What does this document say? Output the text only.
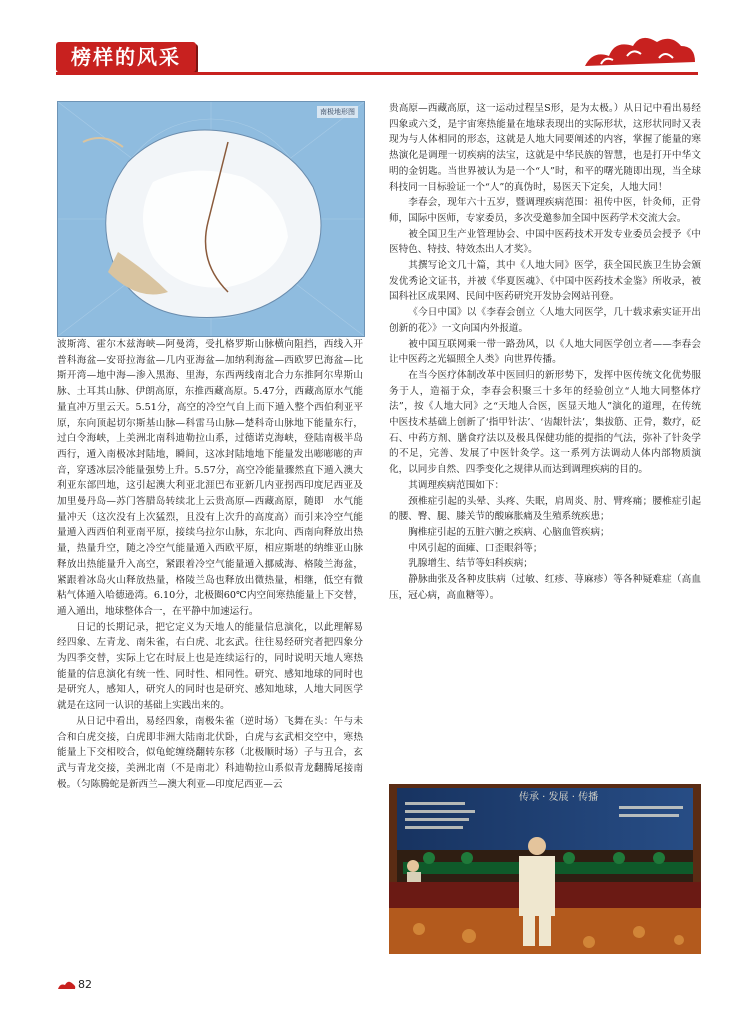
榜样的风采
南极地形图

波斯湾、霍尔木兹海峡—阿曼湾，受扎格罗斯山脉横向阻挡，西线入开普科海盆—安哥拉海盆—几内亚海盆—加纳利海盆—西欧罗巴海盆—比斯开湾—地中海—渗入黑海、里海，东西两线南北合力东推阿尔卑斯山脉、土耳其山脉、伊朗高原，东推西藏高原。5.47分，西藏高原水气能量直冲万里云天。5.51分，高空的冷空气自上而下遁入整个西伯利亚平原，东向顶起切尔斯基山脉—科雷马山脉—楚科奇山脉地下能量东行，过白令海峡，上美洲北南科迪勒拉山系，过德诺克海峡，登陆南极半岛西行，遁入南极冰封陆地，瞬间，这冰封陆地地下能量发出嘭嘭嘭的声音，穿透冰层冷能量强势上升。5.57分，高空冷能量骤然直下遁入澳大利亚东部凹地，这引起澳大利亚北涯巴布亚新几内亚拐西印度尼西亚及加里曼丹岛—苏门答腊岛转续北上云贵高原—西藏高原，随即　水气能量冲天（这次没有上次猛烈，且没有上次升的高度高）而引来冷空气能量遁入西西伯利亚南平原，接续乌拉尔山脉，东北向、西南向释放出热量，热量升空，随之冷空气能量遁入西欧平原，相应斯堪的纳维亚山脉释放出热能量升入高空，紧跟着冷空气能量遁入挪威海、格陵兰海盆，紧跟着冰岛火山释放热量，格陵兰岛也释放出微热量，相继，低空有微粘气体遁入哈德逊湾。6.10分，北极圈60℃内空间寒热能量上下交替，遁入遁出，地球整体合一，在平静中加速运行。

日记的长期记录，把它定义为天地人的能量信息演化，以此理解易经四象、左青龙、南朱雀，右白虎、北玄武。往往易经研究者把四象分为四季交替，实际上它在时辰上也是连续运行的，同时说明天地人寒热能量的信息演化有统一性、同时性、相同性。研究、感知地球的同时也是研究人，感知人，研究人的同时也是研究、感知地球，人地大同医学就是在这同一认识的基础上实践出来的。

从日记中看出，易经四象，南极朱雀（逆时场）飞舞在头：午与未合和白虎交接，白虎即非洲大陆南北伏卧，白虎与玄武相交空中，寒热能量上下交相咬合，似龟蛇缠绕翻转东移（北极顺时场）子与丑合，玄武与青龙交接，美洲北南（不是南北）科迪勒拉山系似青龙翻腾尾接南极。（匀陈腾蛇是新西兰—澳大利亚—印度尼西亚—云

贵高原—西藏高原，这一运动过程呈S形，是为太极。）从日记中看出易经四象或六爻，是宇宙寒热能量在地球表现出的实际形状，这形状同时又表现为与人体相同的形态，这就是人地大同要阐述的内容，掌握了能量的寒热演化是调理一切疾病的法宝，这就是中华民族的智慧，也是打开中华文明的金钥匙。当世界被认为是一个“人”时，和平的曙光随即出现，当全球科技同一目标验证一个“人”的真伪时，易医天下定矣，人地大同！

李春会，现年六十五岁，暨调理疾病范围：祖传中医，针灸师，正骨师，国际中医师，专家委员，多次受邀参加全国中医药学术交流大会。

被全国卫生产业管理协会、中国中医药技术开发专业委员会授予《中医特色、特技、特效杰出人才奖》。

其撰写论文几十篇，其中《人地大同》医学，获全国民族卫生协会颁发优秀论文证书，并被《华夏医魂》、《中国中医药技术金鉴》所收录，被国科社区成果网、民间中医药研究开发协会网站刊登。

《今日中国》以《李春会创立〈人地大同医学，几十载求索实证开出创新的花〉》一文向国内外报道。

被中国互联网乘一带一路劲风，以《人地大同医学创立者——李春会让中医药之光辐照全人类》向世界传播。

在当今医疗体制改革中医回归的新形势下，发挥中医传统文化优势服务于人，造福于众，李春会积聚三十多年的经验创立“人地大同整体疗法”，按《人地大同》之“天地人合医，医显天地人”演化的道理，在传统中医技术基础上创新了‘指甲针法’、‘齿龈针法’，集拔筋、正骨，数疗，砭石、中药方剂、膳食疗法以及极具保健功能的提指的气法，弥补了针灸学的不足，完善、发展了中医针灸学。这一系列方法调动人体内部物质演化，以同步自然、四季变化之规律从而达到调理疾病的目的。

其调理疾病范围如下：

颈椎症引起的头晕、头疼、失眠，肩周炎、肘、臂疼痛；腰椎症引起的腰、臀、腿、膝关节的酸麻胀痛及生殖系统疾患；

胸椎症引起的五脏六腑之疾病、心脑血管疾病；

中风引起的面瘫、口歪眼斜等；

乳腺增生、结节等妇科疾病；

静脉曲张及各种皮肤病（过敏、红疹、荨麻疹）等各种疑难症（高血压，冠心病，高血糖等）。

传承 · 发展 · 传播
82
